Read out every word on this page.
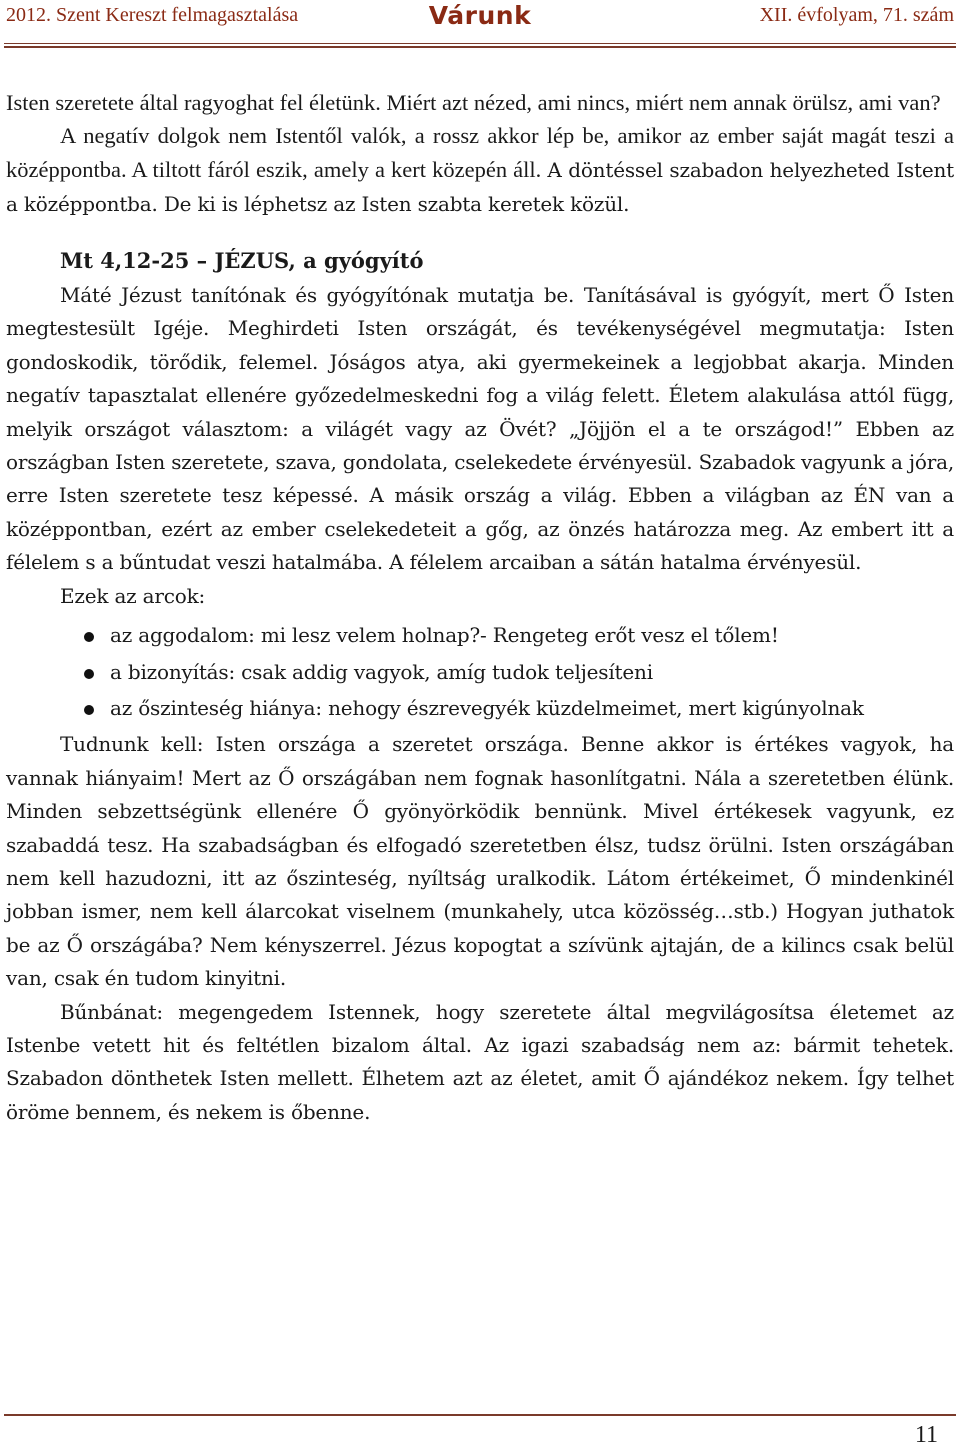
2012. Szent Kereszt felmagasztalása	Várunk	XII. évfolyam, 71. szám

Isten szeretete által ragyoghat fel életünk. Miért azt nézed, ami nincs, miért nem annak örülsz, ami van?

A negatív dolgok nem Istentől valók, a rossz akkor lép be, amikor az ember saját magát teszi a középpontba. A tiltott fáról eszik, amely a kert közepén áll. A döntéssel szabadon helyezheted Istent a középpontba. De ki is léphetsz az Isten szabta keretek közül.

Mt 4,12-25 – JÉZUS, a gyógyító

Máté Jézust tanítónak és gyógyítónak mutatja be. Tanításával is gyógyít, mert Ő Isten megtestesült Igéje. Meghirdeti Isten országát, és tevékenységével megmutatja: Isten gondoskodik, törődik, felemel. Jóságos atya, aki gyermekeinek a legjobbat akarja. Minden negatív tapasztalat ellenére győzedelmeskedni fog a világ felett. Életem alakulása attól függ, melyik országot választom: a világét vagy az Övét? „Jöjjön el a te országod!” Ebben az országban Isten szeretete, szava, gondolata, cselekedete érvényesül. Szabadok vagyunk a jóra, erre Isten szeretete tesz képessé. A másik ország a világ. Ebben a világban az ÉN van a középpontban, ezért az ember cselekedeteit a gőg, az önzés határozza meg. Az embert itt a félelem s a bűntudat veszi hatalmába. A félelem arcaiban a sátán hatalma érvényesül.

Ezek az arcok:

az aggodalom: mi lesz velem holnap?- Rengeteg erőt vesz el tőlem!
a bizonyítás: csak addig vagyok, amíg tudok teljesíteni
az őszinteség hiánya: nehogy észrevegyék küzdelmeimet, mert kigúnyolnak

Tudnunk kell: Isten országa a szeretet országa. Benne akkor is értékes vagyok, ha vannak hiányaim! Mert az Ő országában nem fognak hasonlítgatni. Nála a szeretetben élünk. Minden sebzettségünk ellenére Ő gyönyörködik bennünk. Mivel értékesek vagyunk, ez szabaddá tesz. Ha szabadságban és elfogadó szeretetben élsz, tudsz örülni. Isten országában nem kell hazudozni, itt az őszinteség, nyíltság uralkodik. Látom értékeimet, Ő mindenkinél jobban ismer, nem kell álarcokat viselnem (munkahely, utca közösség…stb.) Hogyan juthatok be az Ő országába? Nem kényszerrel. Jézus kopogtat a szívünk ajtaján, de a kilincs csak belül van, csak én tudom kinyitni.

Bűnbánat: megengedem Istennek, hogy szeretete által megvilágosítsa életemet az Istenbe vetett hit és feltétlen bizalom által. Az igazi szabadság nem az: bármit tehetek. Szabadon dönthetek Isten mellett. Élhetem azt az életet, amit Ő ajándékoz nekem. Így telhet öröme bennem, és nekem is őbenne.

11
